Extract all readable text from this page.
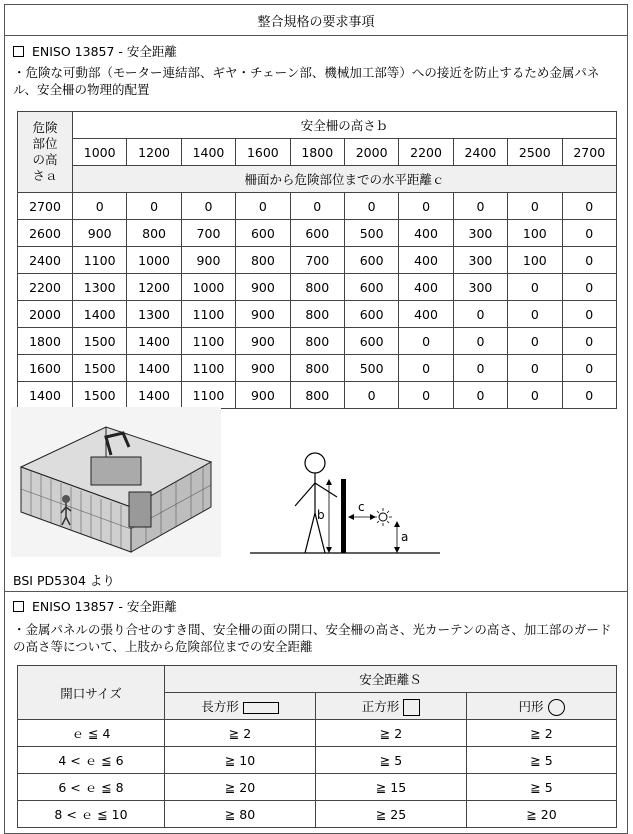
整合規格の要求事項
ENISO 13857 - 安全距離
・危険な可動部（モーター連結部、ギヤ・チェーン部、機械加工部等）への接近を防止するため金属パネル、安全柵の物理的配置
危険部位の高さａ	安全柵の高さｂ									
	1000	1200	1400	1600	1800	2000	2200	2400	2500	2700
	柵面から危険部位までの水平距離ｃ									
2700	0	0	0	0	0	0	0	0	0	0
2600	900	800	700	600	600	500	400	300	100	0
2400	1100	1000	900	800	700	600	400	300	100	0
2200	1300	1200	1000	900	800	600	400	300	0	0
2000	1400	1300	1100	900	800	600	400	0	0	0
1800	1500	1400	1100	900	800	600	0	0	0	0
1600	1500	1400	1100	900	800	500	0	0	0	0
1400	1500	1400	1100	900	800	0	0	0	0	0
b
c
a
BSI PD5304 より
ENISO 13857 - 安全距離
・金属パネルの張り合せのすき間、安全柵の面の開口、安全柵の高さ、光カーテンの高さ、加工部のガードの高さ等について、上肢から危険部位までの安全距離
開口サイズ	安全距離Ｓ		
	長方形	正方形	円形
ｅ ≦ 4	≧ 2	≧ 2	≧ 2
4 < ｅ ≦ 6	≧ 10	≧ 5	≧ 5
6 < ｅ ≦ 8	≧ 20	≧ 15	≧ 5
8 < ｅ ≦ 10	≧ 80	≧ 25	≧ 20
